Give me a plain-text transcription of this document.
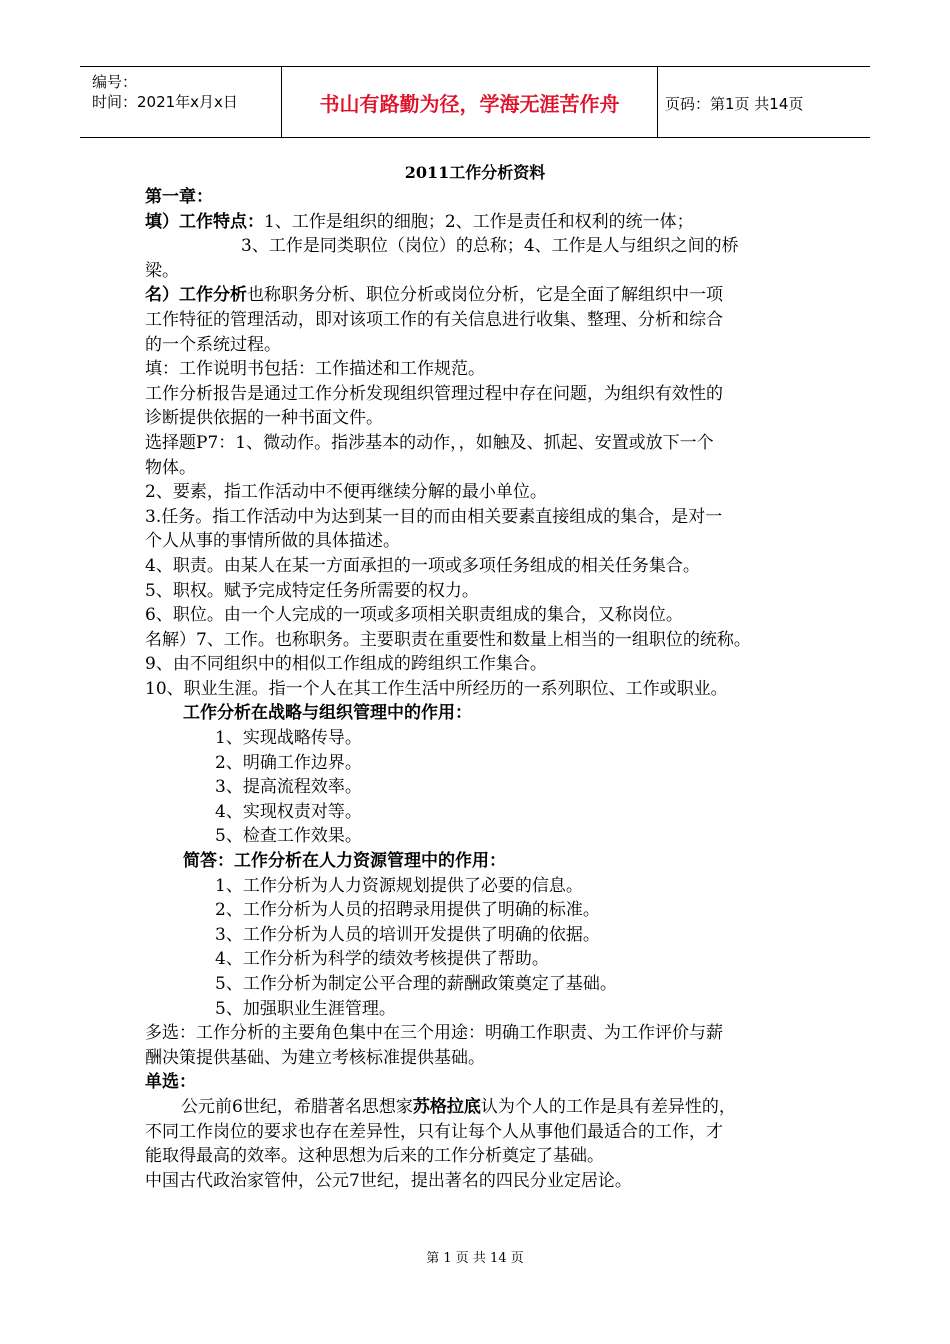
编号：
时间：2021年x月x日	书山有路勤为径，学海无涯苦作舟	页码：第1页 共14页
2011工作分析资料

第一章：

填）工作特点：1、工作是组织的细胞；2、工作是责任和权利的统一体；

3、工作是同类职位（岗位）的总称；4、工作是人与组织之间的桥

梁。

名）工作分析也称职务分析、职位分析或岗位分析，它是全面了解组织中一项

工作特征的管理活动，即对该项工作的有关信息进行收集、整理、分析和综合

的一个系统过程。

填：工作说明书包括：工作描述和工作规范。

工作分析报告是通过工作分析发现组织管理过程中存在问题，为组织有效性的

诊断提供依据的一种书面文件。

选择题P7：1、微动作。指涉基本的动作，，如触及、抓起、安置或放下一个

物体。

2、要素，指工作活动中不便再继续分解的最小单位。

3.任务。指工作活动中为达到某一目的而由相关要素直接组成的集合，是对一

个人从事的事情所做的具体描述。

4、职责。由某人在某一方面承担的一项或多项任务组成的相关任务集合。

5、职权。赋予完成特定任务所需要的权力。

6、职位。由一个人完成的一项或多项相关职责组成的集合，又称岗位。

名解）7、工作。也称职务。主要职责在重要性和数量上相当的一组职位的统称。

9、由不同组织中的相似工作组成的跨组织工作集合。

10、职业生涯。指一个人在其工作生活中所经历的一系列职位、工作或职业。

工作分析在战略与组织管理中的作用：

1、实现战略传导。

2、明确工作边界。

3、提高流程效率。

4、实现权责对等。

5、检查工作效果。

简答：工作分析在人力资源管理中的作用：

1、工作分析为人力资源规划提供了必要的信息。

2、工作分析为人员的招聘录用提供了明确的标准。

3、工作分析为人员的培训开发提供了明确的依据。

4、工作分析为科学的绩效考核提供了帮助。

5、工作分析为制定公平合理的薪酬政策奠定了基础。

5、加强职业生涯管理。

多选：工作分析的主要角色集中在三个用途：明确工作职责、为工作评价与薪

酬决策提供基础、为建立考核标准提供基础。

单选：

公元前6世纪，希腊著名思想家苏格拉底认为个人的工作是具有差异性的，

不同工作岗位的要求也存在差异性，只有让每个人从事他们最适合的工作，才

能取得最高的效率。这种思想为后来的工作分析奠定了基础。

中国古代政治家管仲，公元7世纪，提出著名的四民分业定居论。

第 1 页 共 14 页
